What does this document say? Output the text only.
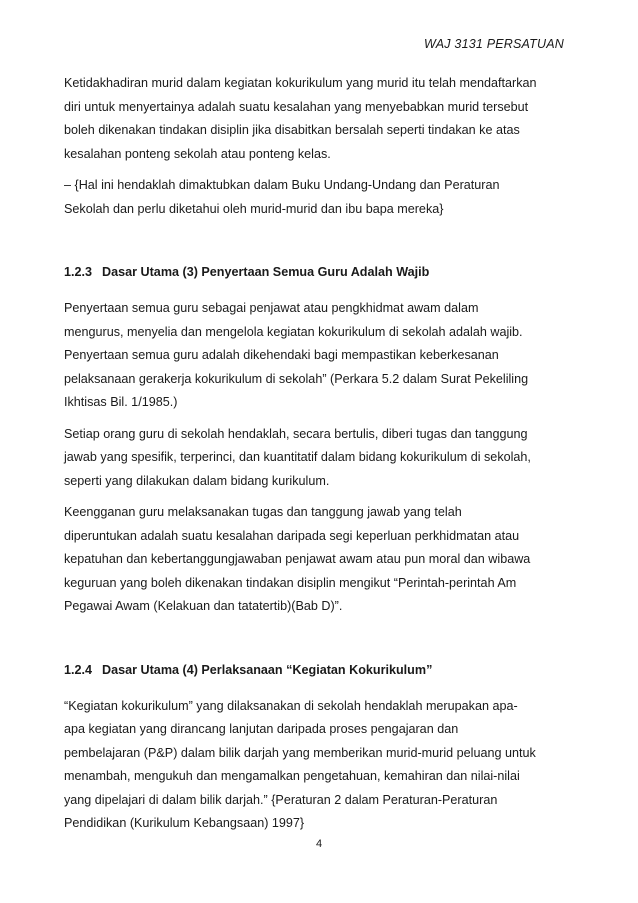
WAJ 3131 PERSATUAN
Ketidakhadiran murid dalam kegiatan kokurikulum yang murid itu telah mendaftarkan
diri untuk menyertainya adalah suatu kesalahan yang menyebabkan murid tersebut
boleh dikenakan tindakan disiplin jika disabitkan bersalah seperti tindakan ke atas
kesalahan ponteng sekolah atau ponteng kelas.
– {Hal ini hendaklah dimaktubkan dalam Buku Undang-Undang dan Peraturan
Sekolah dan perlu diketahui oleh murid-murid dan ibu bapa mereka}
1.2.3 Dasar Utama (3) Penyertaan Semua Guru Adalah Wajib
Penyertaan semua guru sebagai penjawat atau pengkhidmat awam dalam
mengurus, menyelia dan mengelola kegiatan kokurikulum di sekolah adalah wajib.
Penyertaan semua guru adalah dikehendaki bagi mempastikan keberkesanan
pelaksanaan gerakerja kokurikulum di sekolah” (Perkara 5.2 dalam Surat Pekeliling
Ikhtisas Bil. 1/1985.)
Setiap orang guru di sekolah hendaklah, secara bertulis, diberi tugas dan tanggung
jawab yang spesifik, terperinci, dan kuantitatif dalam bidang kokurikulum di sekolah,
seperti yang dilakukan dalam bidang kurikulum.
Keengganan guru melaksanakan tugas dan tanggung jawab yang telah
diperuntukan adalah suatu kesalahan daripada segi keperluan perkhidmatan atau
kepatuhan dan kebertanggungjawaban penjawat awam atau pun moral dan wibawa
keguruan yang boleh dikenakan tindakan disiplin mengikut “Perintah-perintah Am
Pegawai Awam (Kelakuan dan tatatertib)(Bab D)”.
1.2.4 Dasar Utama (4) Perlaksanaan “Kegiatan Kokurikulum”
“Kegiatan kokurikulum” yang dilaksanakan di sekolah hendaklah merupakan apa-
apa kegiatan yang dirancang lanjutan daripada proses pengajaran dan
pembelajaran (P&P) dalam bilik darjah yang memberikan murid-murid peluang untuk
menambah, mengukuh dan mengamalkan pengetahuan, kemahiran dan nilai-nilai
yang dipelajari di dalam bilik darjah.” {Peraturan 2 dalam Peraturan-Peraturan
Pendidikan (Kurikulum Kebangsaan) 1997}
4
